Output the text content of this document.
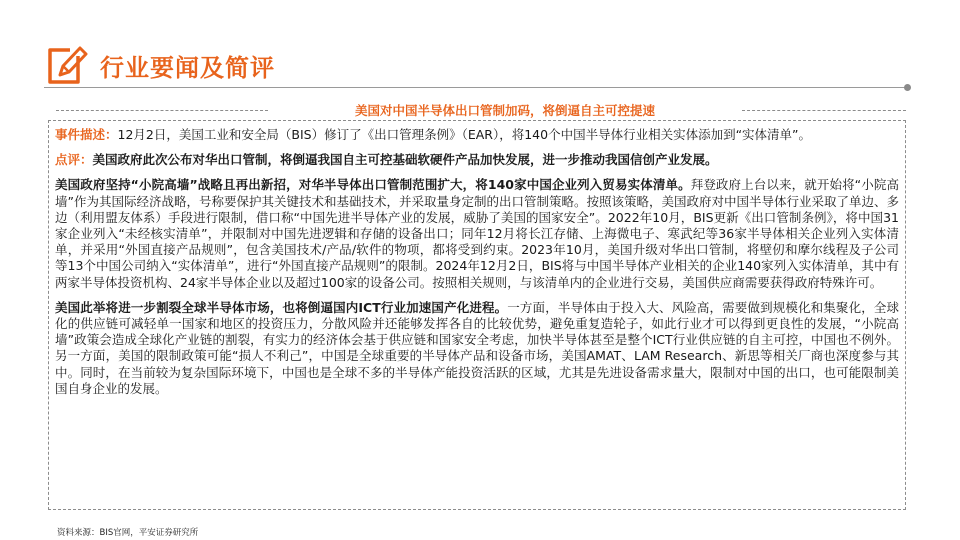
行业要闻及简评
美国对中国半导体出口管制加码，将倒逼自主可控提速

事件描述：12月2日，美国工业和安全局（BIS）修订了《出口管理条例》（EAR），将140个中国半导体行业相关实体添加到“实体清单”。

点评：美国政府此次公布对华出口管制，将倒逼我国自主可控基础软硬件产品加快发展，进一步推动我国信创产业发展。

美国政府坚持“小院高墙”战略且再出新招，对华半导体出口管制范围扩大，将140家中国企业列入贸易实体清单。拜登政府上台以来，就开始将“小院高墙”作为其国际经济战略，号称要保护其关键技术和基础技术，并采取量身定制的出口管制策略。按照该策略，美国政府对中国半导体行业采取了单边、多边（利用盟友体系）手段进行限制，借口称“中国先进半导体产业的发展，威胁了美国的国家安全”。2022年10月，BIS更新《出口管制条例》，将中国31家企业列入“未经核实清单”，并限制对中国先进逻辑和存储的设备出口；同年12月将长江存储、上海微电子、寒武纪等36家半导体相关企业列入实体清单，并采用“外国直接产品规则”，包含美国技术/产品/软件的物项，都将受到约束。2023年10月，美国升级对华出口管制，将壁仞和摩尔线程及子公司等13个中国公司纳入“实体清单”，进行“外国直接产品规则”的限制。2024年12月2日，BIS将与中国半导体产业相关的企业140家列入实体清单，其中有两家半导体投资机构、24家半导体企业以及超过100家的设备公司。按照相关规则，与该清单内的企业进行交易，美国供应商需要获得政府特殊许可。

美国此举将进一步割裂全球半导体市场，也将倒逼国内ICT行业加速国产化进程。一方面，半导体由于投入大、风险高，需要做到规模化和集聚化，全球化的供应链可减轻单一国家和地区的投资压力，分散风险并还能够发挥各自的比较优势，避免重复造轮子，如此行业才可以得到更良性的发展，“小院高墙”政策会造成全球化产业链的割裂，有实力的经济体会基于供应链和国家安全考虑，加快半导体甚至是整个ICT行业供应链的自主可控，中国也不例外。另一方面，美国的限制政策可能“损人不利己”，中国是全球重要的半导体产品和设备市场，美国AMAT、LAM Research、新思等相关厂商也深度参与其中。同时，在当前较为复杂国际环境下，中国也是全球不多的半导体产能投资活跃的区域，尤其是先进设备需求量大，限制对中国的出口，也可能限制美国自身企业的发展。

资料来源：BIS官网，平安证券研究所
